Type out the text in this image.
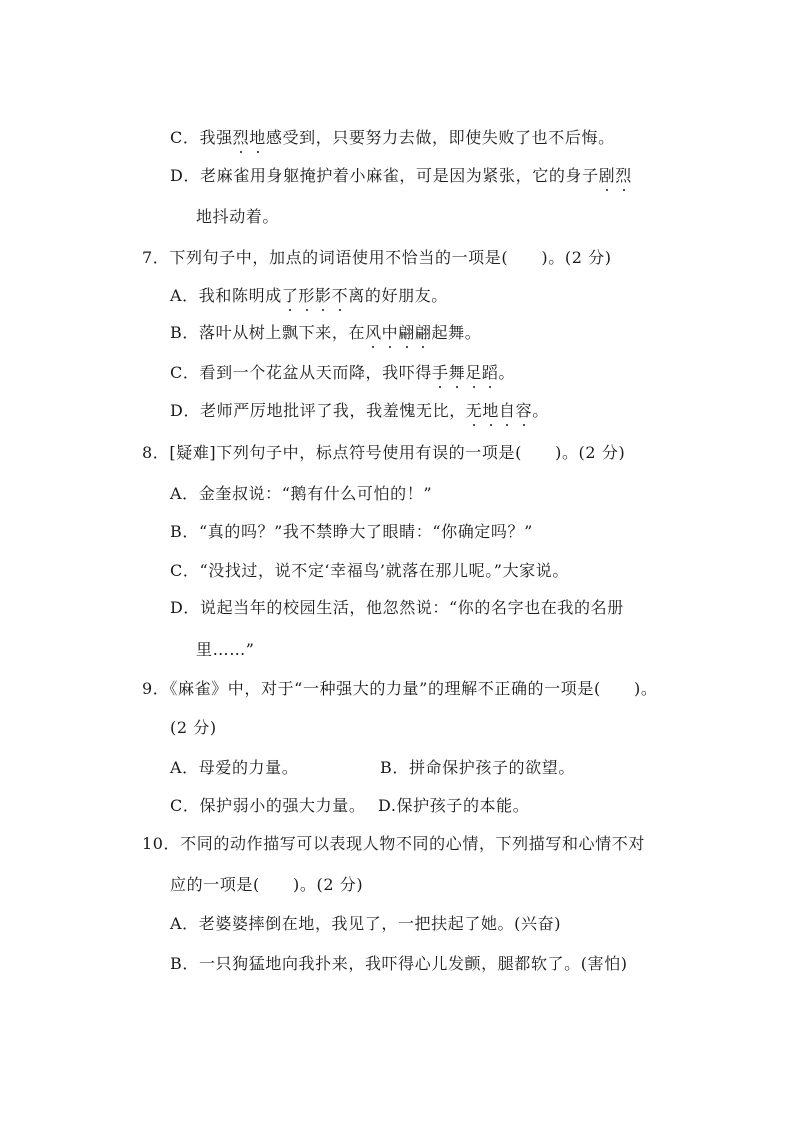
C．我强烈地感受到，只要努力去做，即使失败了也不后悔。
D．老麻雀用身躯掩护着小麻雀，可是因为紧张，它的身子剧烈
地抖动着。
7．下列句子中，加点的词语使用不恰当的一项是(　　)。(2 分)
A．我和陈明成了形影不离的好朋友。
B．落叶从树上飘下来，在风中翩翩起舞。
C．看到一个花盆从天而降，我吓得手舞足蹈。
D．老师严厉地批评了我，我羞愧无比，无地自容。
8．[疑难]下列句子中，标点符号使用有误的一项是(　　)。(2 分)
A．金奎叔说：“鹅有什么可怕的！”
B．“真的吗？”我不禁睁大了眼睛：“你确定吗？”
C．“没找过，说不定‘幸福鸟’就落在那儿呢。”大家说。
D．说起当年的校园生活，他忽然说：“你的名字也在我的名册
里……”
9．《麻雀》中，对于“一种强大的力量”的理解不正确的一项是(　　)。
(2 分)
A．母爱的力量。	B．拼命保护孩子的欲望。
C．保护弱小的强大力量。 D.保护孩子的本能。
10．不同的动作描写可以表现人物不同的心情，下列描写和心情不对
应的一项是(　　)。(2 分)
A．老婆婆摔倒在地，我见了，一把扶起了她。(兴奋)
B．一只狗猛地向我扑来，我吓得心儿发颤，腿都软了。(害怕)
